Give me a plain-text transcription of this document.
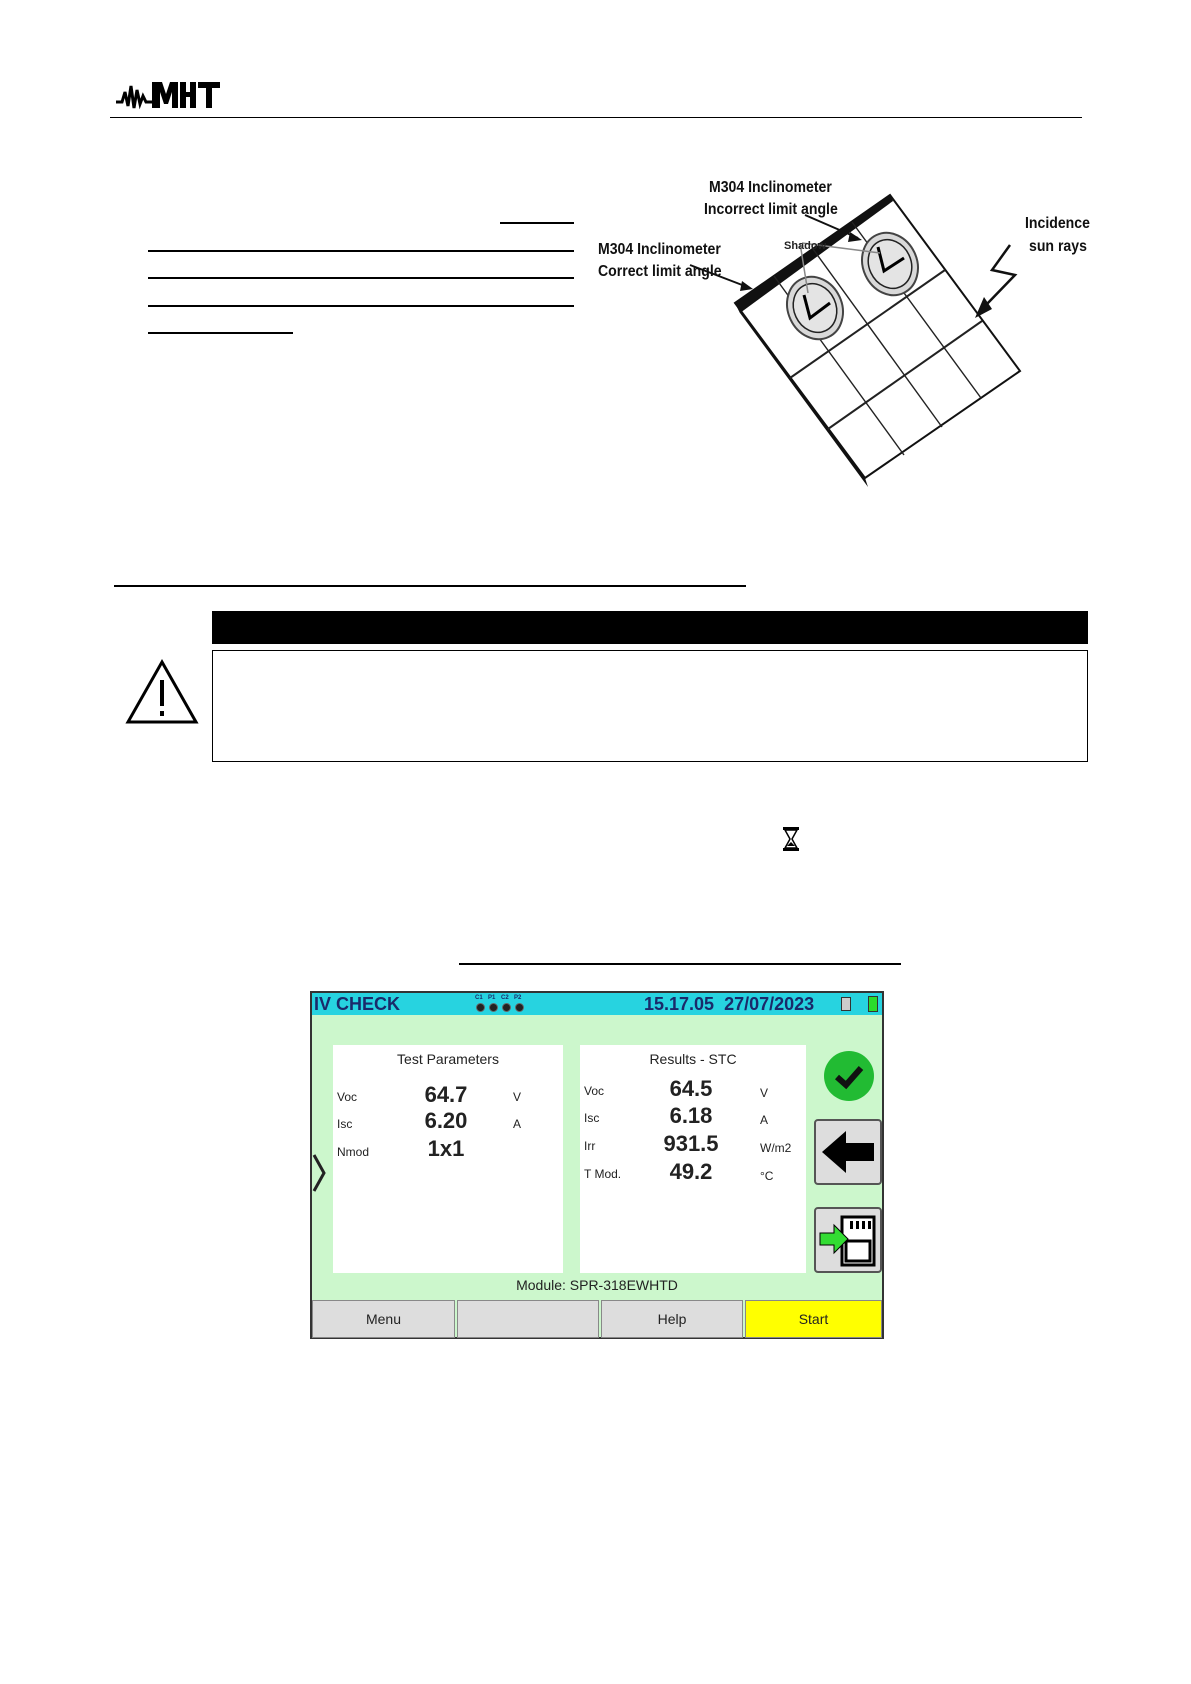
M304 Inclinometer
Incorrect limit angle
M304 Inclinometer
Correct limit angle
Shadow
Incidence
sun rays
IV CHECK	C1 P1 C2 P2	15.17.05 27/07/2023
Test Parameters
Voc	64.7	V
Isc	6.20	A
Nmod	1x1
Results - STC
Voc	64.5	V
Isc	6.18	A
Irr	931.5	W/m2
T Mod.	49.2	°C
Module: SPR-318EWHTD
Menu	Help	Start
